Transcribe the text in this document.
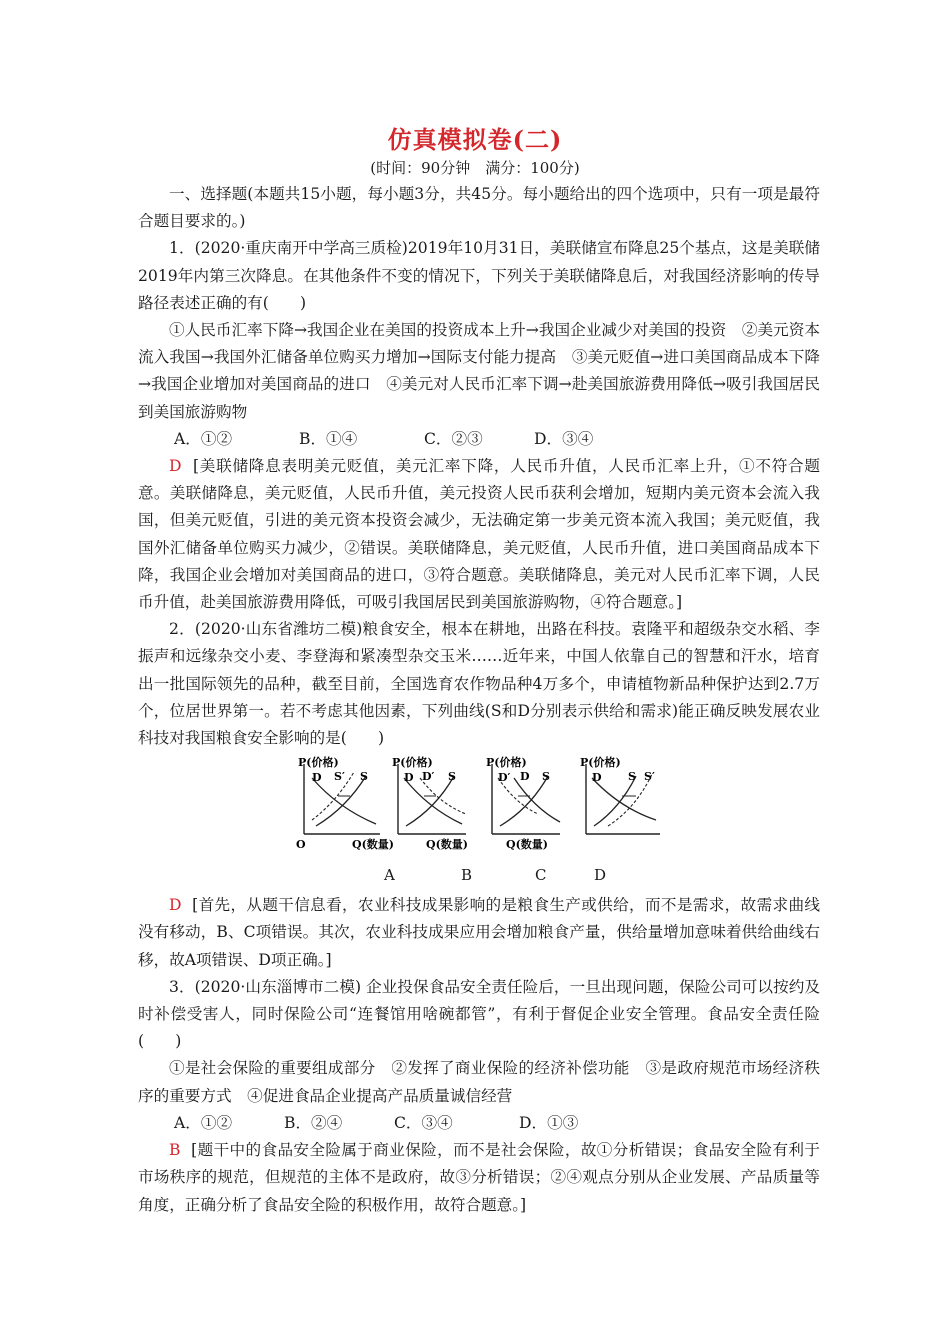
仿真模拟卷(二)
(时间：90分钟　满分：100分)

一、选择题(本题共15小题，每小题3分，共45分。每小题给出的四个选项中，只有一项是最符合题目要求的。)

1．(2020·重庆南开中学高三质检)2019年10月31日，美联储宣布降息25个基点，这是美联储2019年内第三次降息。在其他条件不变的情况下，下列关于美联储降息后，对我国经济影响的传导路径表述正确的有(　　)

①人民币汇率下降→我国企业在美国的投资成本上升→我国企业减少对美国的投资　②美元资本流入我国→我国外汇储备单位购买力增加→国际支付能力提高　③美元贬值→进口美国商品成本下降→我国企业增加对美国商品的进口　④美元对人民币汇率下调→赴美国旅游费用降低→吸引我国居民到美国旅游购物

A．①②	B．①④	C．②③	D．③④

D [美联储降息表明美元贬值，美元汇率下降，人民币升值，人民币汇率上升，①不符合题意。美联储降息，美元贬值，人民币升值，美元投资人民币获利会增加，短期内美元资本会流入我国，但美元贬值，引进的美元资本投资会减少，无法确定第一步美元资本流入我国；美元贬值，我国外汇储备单位购买力减少，②错误。美联储降息，美元贬值，人民币升值，进口美国商品成本下降，我国企业会增加对美国商品的进口，③符合题意。美联储降息，美元对人民币汇率下调，人民币升值，赴美国旅游费用降低，可吸引我国居民到美国旅游购物，④符合题意。]

2．(2020·山东省潍坊二模)粮食安全，根本在耕地，出路在科技。袁隆平和超级杂交水稻、李振声和远缘杂交小麦、李登海和紧凑型杂交玉米……近年来，中国人依靠自己的智慧和汗水，培育出一批国际领先的品种，截至目前，全国选育农作物品种4万多个，申请植物新品种保护达到2.7万个，位居世界第一。若不考虑其他因素，下列曲线(S和D分别表示供给和需求)能正确反映发展农业科技对我国粮食安全影响的是(　　)

P(价格)
O
D S′ S
P(价格)
D D′ S
Q(数量)
P(价格)
D′ D S
Q(数量)
P(价格)
D S S′
Q(数量)
A	B	C	D

D [首先，从题干信息看，农业科技成果影响的是粮食生产或供给，而不是需求，故需求曲线没有移动，B、C项错误。其次，农业科技成果应用会增加粮食产量，供给量增加意味着供给曲线右移，故A项错误、D项正确。]

3．(2020·山东淄博市二模) 企业投保食品安全责任险后，一旦出现问题，保险公司可以按约及时补偿受害人，同时保险公司“连餐馆用啥碗都管”，有利于督促企业安全管理。食品安全责任险(　　)

①是社会保险的重要组成部分　②发挥了商业保险的经济补偿功能　③是政府规范市场经济秩序的重要方式　④促进食品企业提高产品质量诚信经营

A．①②	B．②④	C．③④	D．①③

B [题干中的食品安全险属于商业保险，而不是社会保险，故①分析错误；食品安全险有利于市场秩序的规范，但规范的主体不是政府，故③分析错误；②④观点分别从企业发展、产品质量等角度，正确分析了食品安全险的积极作用，故符合题意。]
